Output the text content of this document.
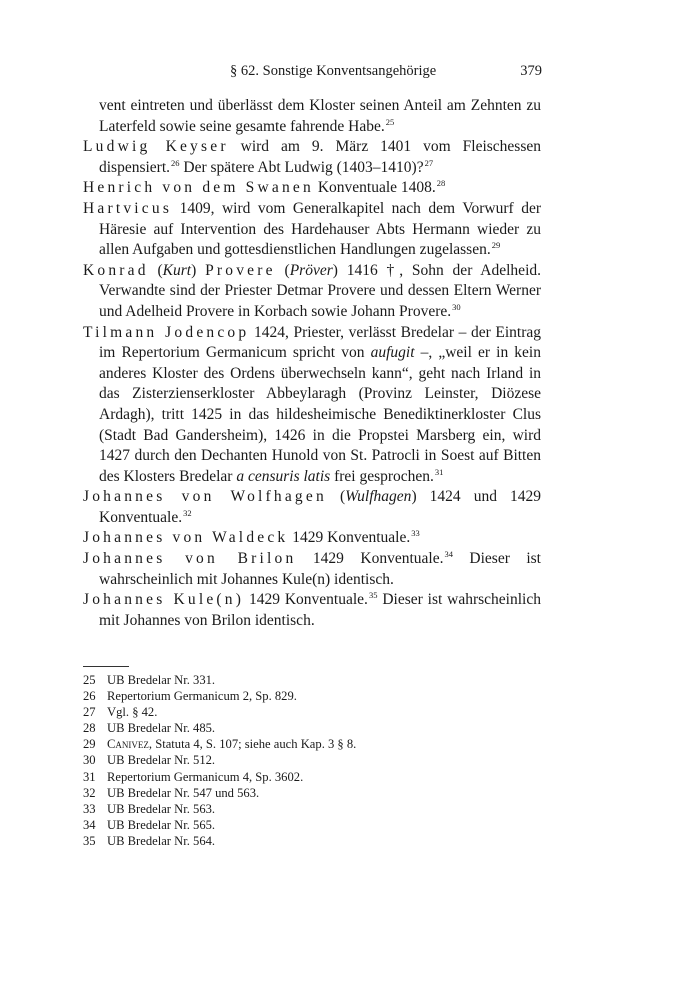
§ 62. Sonstige Konventsangehörige	379

vent eintreten und überlässt dem Kloster seinen Anteil am Zehnten zu Laterfeld sowie seine gesamte fahrende Habe.$^{25}$

Ludwig Keyser wird am 9. März 1401 vom Fleischessen dispensiert.$^{26}$ Der spätere Abt Ludwig (1403–1410)?$^{27}$

Henrich von dem Swanen Konventuale 1408.28

Hartvicus 1409, wird vom Generalkapitel nach dem Vorwurf der Häresie auf Intervention des Hardehauser Abts Hermann wieder zu allen Aufgaben und gottesdienstlichen Handlungen zugelassen.$^{29}$

Konrad (Kurt) Provere (Pröver) 1416 †, Sohn der Adelheid. Verwandte sind der Priester Detmar Provere und dessen Eltern Werner und Adelheid Provere in Korbach sowie Johann Provere.$^{30}$

Tilmann Jodencop 1424, Priester, verlässt Bredelar – der Eintrag im Repertorium Germanicum spricht von aufugit –, „weil er in kein anderes Kloster des Ordens überwechseln kann“, geht nach Irland in das Zisterzienserkloster Abbeylaragh (Provinz Leinster, Diözese Ardagh), tritt 1425 in das hildesheimische Benediktinerkloster Clus (Stadt Bad Gandersheim), 1426 in die Propstei Marsberg ein, wird 1427 durch den Dechanten Hunold von St. Patrocli in Soest auf Bitten des Klosters Bredelar a censuris latis frei gesprochen.$^{31}$

Johannes von Wolfhagen (Wulfhagen) 1424 und 1429 Konventuale.$^{32}$

Johannes von Waldeck 1429 Konventuale.$^{33}$

Johannes von Brilon 1429 Konventuale.$^{34}$ Dieser ist wahrscheinlich mit Johannes Kule(n) identisch.

Johannes Kule(n) 1429 Konventuale.$^{35}$ Dieser ist wahrscheinlich mit Johannes von Brilon identisch.

25 UB Bredelar Nr. 331.
26 Repertorium Germanicum 2, Sp. 829.
27 Vgl. § 42.
28 UB Bredelar Nr. 485.
29 Canivez, Statuta 4, S. 107; siehe auch Kap. 3 § 8.
30 UB Bredelar Nr. 512.
31 Repertorium Germanicum 4, Sp. 3602.
32 UB Bredelar Nr. 547 und 563.
33 UB Bredelar Nr. 563.
34 UB Bredelar Nr. 565.
35 UB Bredelar Nr. 564.
